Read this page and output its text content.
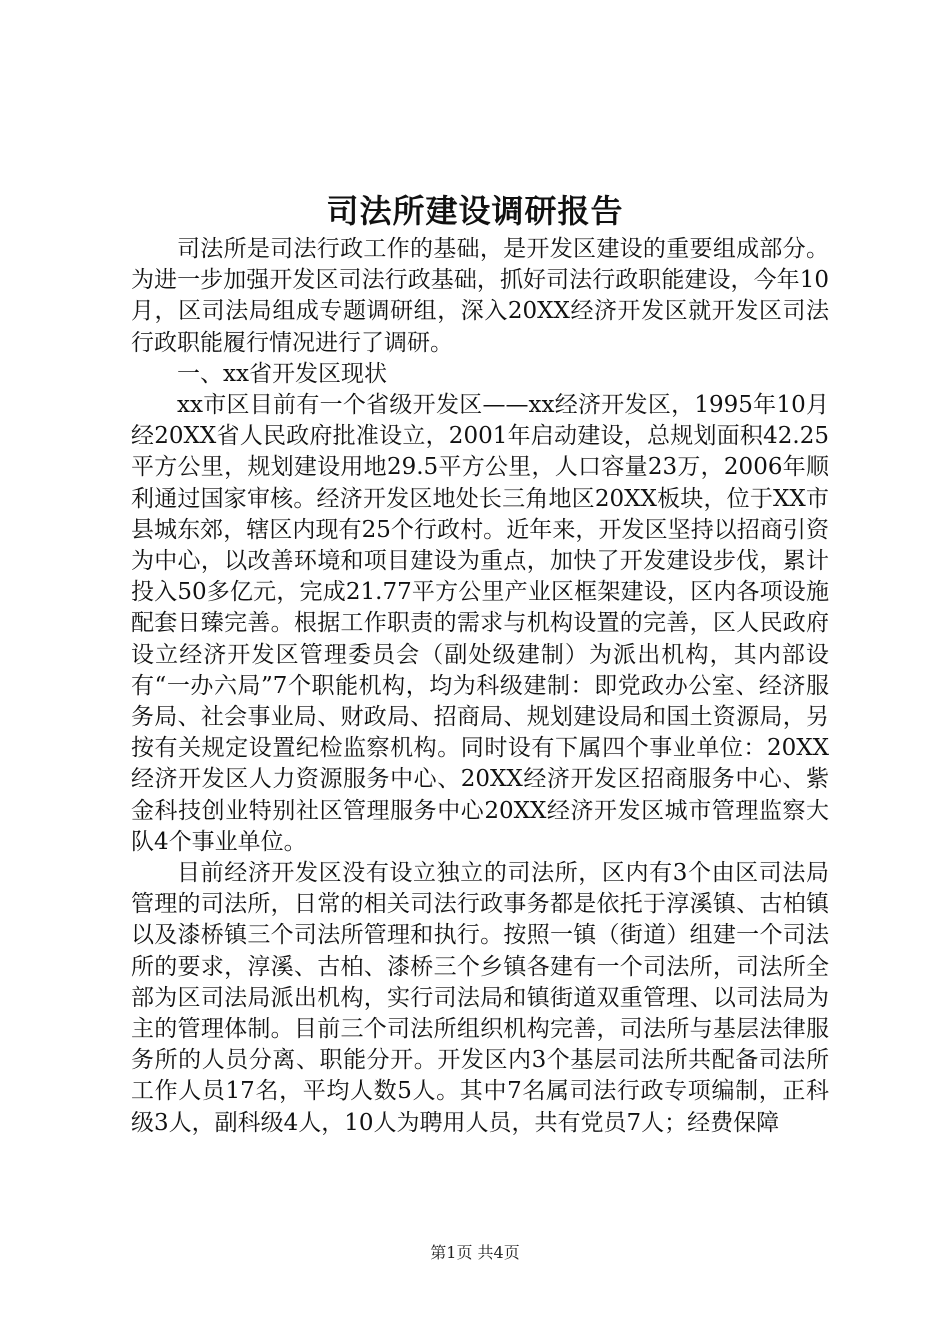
司法所建设调研报告

司法所是司法行政工作的基础，是开发区建设的重要组成部分。为进一步加强开发区司法行政基础，抓好司法行政职能建设，今年10月，区司法局组成专题调研组，深入20XX经济开发区就开发区司法行政职能履行情况进行了调研。

一、xx省开发区现状

xx市区目前有一个省级开发区——xx经济开发区，1995年10月经20XX省人民政府批准设立，2001年启动建设，总规划面积42.25平方公里，规划建设用地29.5平方公里，人口容量23万，2006年顺利通过国家审核。经济开发区地处长三角地区20XX板块，位于XX市县城东郊，辖区内现有25个行政村。近年来，开发区坚持以招商引资为中心，以改善环境和项目建设为重点，加快了开发建设步伐，累计投入50多亿元，完成21.77平方公里产业区框架建设，区内各项设施配套日臻完善。根据工作职责的需求与机构设置的完善，区人民政府设立经济开发区管理委员会（副处级建制）为派出机构，其内部设有“一办六局”7个职能机构，均为科级建制：即党政办公室、经济服务局、社会事业局、财政局、招商局、规划建设局和国土资源局，另按有关规定设置纪检监察机构。同时设有下属四个事业单位：20XX经济开发区人力资源服务中心、20XX经济开发区招商服务中心、紫金科技创业特别社区管理服务中心20XX经济开发区城市管理监察大队4个事业单位。

目前经济开发区没有设立独立的司法所，区内有3个由区司法局管理的司法所，日常的相关司法行政事务都是依托于淳溪镇、古柏镇以及漆桥镇三个司法所管理和执行。按照一镇（街道）组建一个司法所的要求，淳溪、古柏、漆桥三个乡镇各建有一个司法所，司法所全部为区司法局派出机构，实行司法局和镇街道双重管理、以司法局为主的管理体制。目前三个司法所组织机构完善，司法所与基层法律服务所的人员分离、职能分开。开发区内3个基层司法所共配备司法所工作人员17名，平均人数5人。其中7名属司法行政专项编制，正科级3人，副科级4人，10人为聘用人员，共有党员7人；经费保障

第1页 共4页
